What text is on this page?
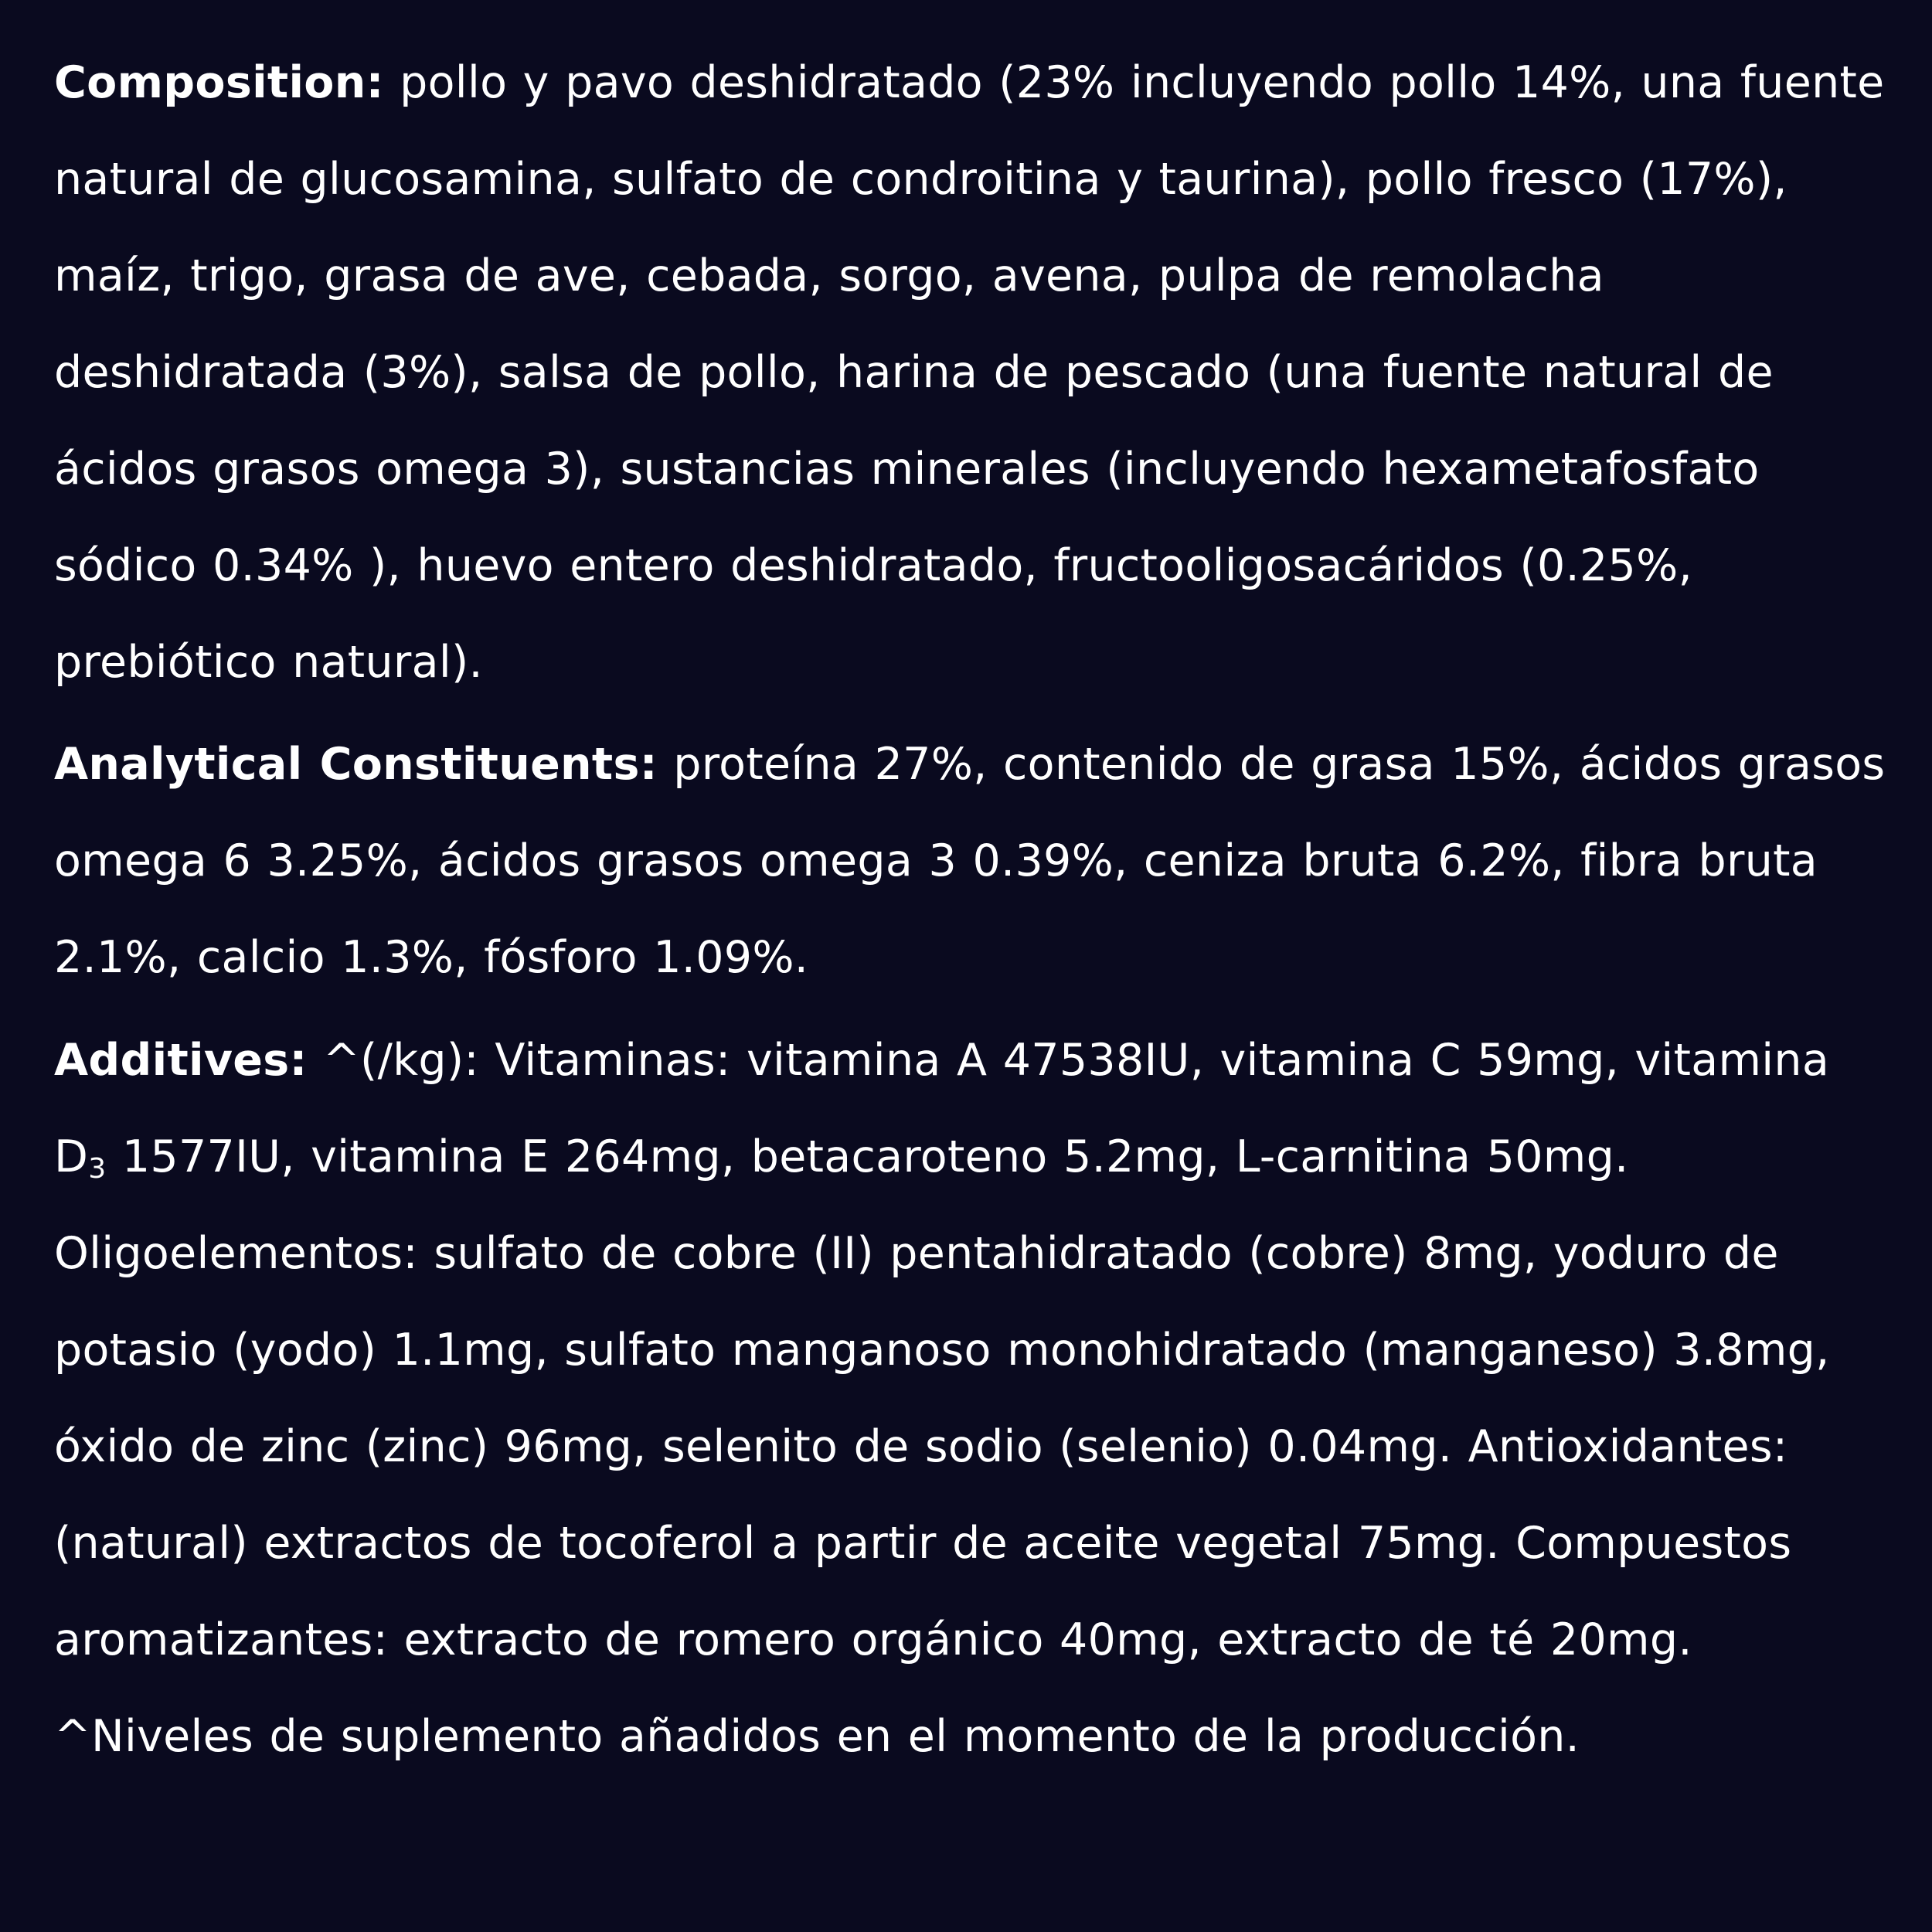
Composition: pollo y pavo deshidratado (23% incluyendo pollo 14%, una fuente natural de glucosamina, sulfato de condroitina y taurina), pollo fresco (17%), maíz, trigo, grasa de ave, cebada, sorgo, avena, pulpa de remolacha deshidratada (3%), salsa de pollo, harina de pescado (una fuente natural de ácidos grasos omega 3), sustancias minerales (incluyendo hexametafosfato sódico 0.34% ), huevo entero deshidratado, fructooligosacáridos (0.25%, prebiótico natural).

Analytical Constituents: proteína 27%, contenido de grasa 15%, ácidos grasos omega 6 3.25%, ácidos grasos omega 3 0.39%, ceniza bruta 6.2%, fibra bruta 2.1%, calcio 1.3%, fósforo 1.09%.

Additives: ^(/kg): Vitaminas: vitamina A 47538IU, vitamina C 59mg, vitamina $D_3$ 1577IU, vitamina E 264mg, betacaroteno 5.2mg, L-carnitina 50mg. Oligoelementos: sulfato de cobre (II) pentahidratado (cobre) 8mg, yoduro de potasio (yodo) 1.1mg, sulfato manganoso monohidratado (manganeso) 3.8mg, óxido de zinc (zinc) 96mg, selenito de sodio (selenio) 0.04mg. Antioxidantes: (natural) extractos de tocoferol a partir de aceite vegetal 75mg. Compuestos aromatizantes: extracto de romero orgánico 40mg, extracto de té 20mg. ^Niveles de suplemento añadidos en el momento de la producción.
